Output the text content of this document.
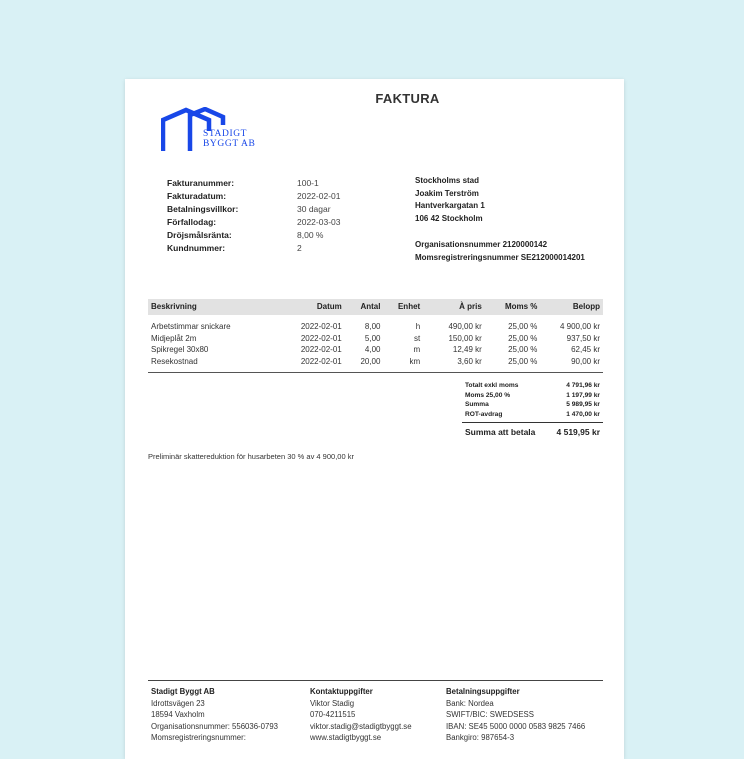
FAKTURA
STADIGT
BYGGT AB
Fakturanummer:	100-1
Fakturadatum:	2022-02-01
Betalningsvillkor:	30 dagar
Förfallodag:	2022-03-03
Dröjsmålsränta:	8,00 %
Kundnummer:	2
Stockholms stad
Joakim Terström
Hantverkargatan 1
106 42 Stockholm
Organisationsnummer 2120000142
Momsregistreringsnummer SE212000014201
Beskrivning	Datum	Antal	Enhet	À pris	Moms %	Belopp
Arbetstimmar snickare	2022-02-01	8,00	h	490,00 kr	25,00 %	4 900,00 kr
Midjeplåt 2m	2022-02-01	5,00	st	150,00 kr	25,00 %	937,50 kr
Spikregel 30x80	2022-02-01	4,00	m	12,49 kr	25,00 %	62,45 kr
Resekostnad	2022-02-01	20,00	km	3,60 kr	25,00 %	90,00 kr
Totalt exkl moms	4 791,96 kr
Moms 25,00 %	1 197,99 kr
Summa	5 989,95 kr
ROT-avdrag	1 470,00 kr
Summa att betala 4 519,95 kr
Preliminär skattereduktion för husarbeten 30 % av 4 900,00 kr
Stadigt Byggt AB
Idrottsvägen 23
18594 Vaxholm
Organisationsnummer: 556036-0793
Momsregistreringsnummer:
Kontaktuppgifter
Viktor Stadig
070-4211515
viktor.stadig@stadigtbyggt.se
www.stadigtbyggt.se
Betalningsuppgifter
Bank: Nordea
SWIFT/BIC: SWEDSESS
IBAN: SE45 5000 0000 0583 9825 7466
Bankgiro: 987654-3
